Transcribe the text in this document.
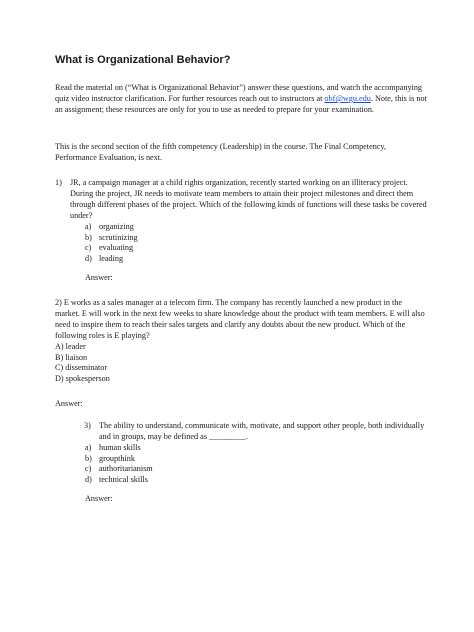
What is Organizational Behavior?

Read the material on (“What is Organizational Behavior”) answer these questions, and watch the accompanying quiz video instructor clarification. For further resources reach out to instructors at obf@wgu.edu. Note, this is not an assignment; these resources are only for you to use as needed to prepare for your examination.

This is the second section of the fifth competency (Leadership) in the course. The Final Competency, Performance Evaluation, is next.

1) JR, a campaign manager at a child rights organization, recently started working on an illiteracy project. During the project, JR needs to motivate team members to attain their project milestones and direct them through different phases of the project. Which of the following kinds of functions will these tasks be covered under?

a) organizing
b) scrutinizing
c) evaluating
d) leading
Answer:

2) E works as a sales manager at a telecom firm. The company has recently launched a new product in the market. E will work in the next few weeks to share knowledge about the product with team members. E will also need to inspire them to reach their sales targets and clarify any doubts about the new product. Which of the following roles is E playing?

A) leader
B) liaison
C) disseminator
D) spokesperson
Answer:
3) The ability to understand, communicate with, motivate, and support other people, both individually and in groups, may be defined as _________.

a) human skills
b) groupthink
c) authoritarianism
d) technical skills
Answer:
